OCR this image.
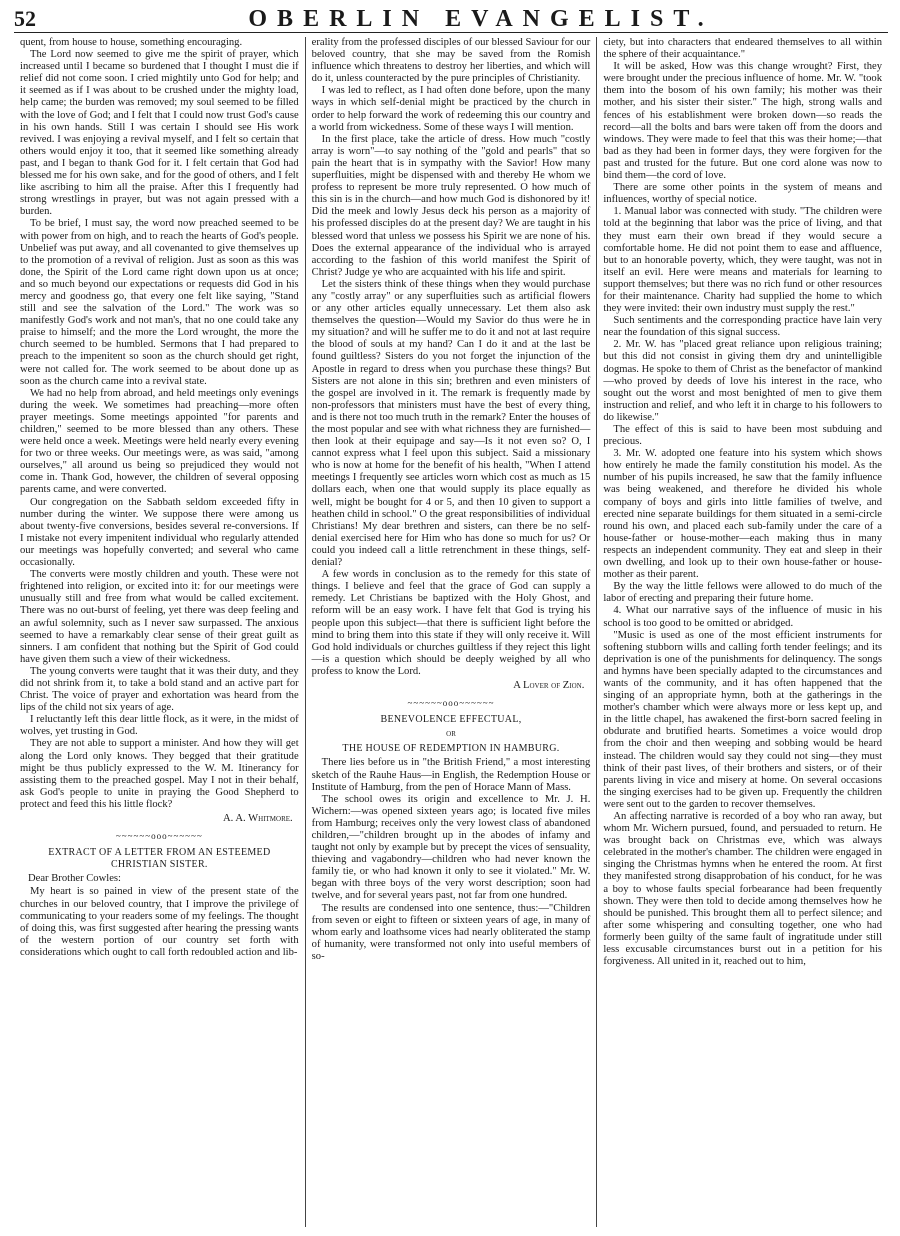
52	OBERLIN EVANGELIST.

quent, from house to house, something encouraging.

The Lord now seemed to give me the spirit of prayer, which increased until I became so burdened that I thought I must die if relief did not come soon. I cried mightily unto God for help; and it seemed as if I was about to be crushed under the mighty load, help came; the burden was removed; my soul seemed to be filled with the love of God; and I felt that I could now trust God's cause in his own hands. Still I was certain I should see His work revived. I was enjoying a revival myself, and I felt so certain that others would enjoy it too, that it seemed like something already past, and I began to thank God for it. I felt certain that God had blessed me for his own sake, and for the good of others, and I felt like ascribing to him all the praise. After this I frequently had strong wrestlings in prayer, but was not again pressed with a burden.

To be brief, I must say, the word now preached seemed to be with power from on high, and to reach the hearts of God's people. Unbelief was put away, and all covenanted to give themselves up to the promotion of a revival of religion. Just as soon as this was done, the Spirit of the Lord came right down upon us at once; and so much beyond our expectations or requests did God in his mercy and goodness go, that every one felt like saying, "Stand still and see the salvation of the Lord." The work was so manifestly God's work and not man's, that no one could take any praise to himself; and the more the Lord wrought, the more the church seemed to be humbled. Sermons that I had prepared to preach to the impenitent so soon as the church should get right, were not called for. The work seemed to be about done up as soon as the church came into a revival state.

We had no help from abroad, and held meetings only evenings during the week. We sometimes had preaching—more often prayer meetings. Some meetings appointed "for parents and children," seemed to be more blessed than any others. These were held once a week. Meetings were held nearly every evening for two or three weeks. Our meetings were, as was said, "among ourselves," all around us being so prejudiced they would not come in. Thank God, however, the children of several opposing parents came, and were converted.

Our congregation on the Sabbath seldom exceeded fifty in number during the winter. We suppose there were among us about twenty-five conversions, besides several re-conversions. If I mistake not every impenitent individual who regularly attended our meetings was hopefully converted; and several who came occasionally.

The converts were mostly children and youth. These were not frightened into religion, or excited into it: for our meetings were unusually still and free from what would be called excitement. There was no out-burst of feeling, yet there was deep feeling and an awful solemnity, such as I never saw surpassed. The anxious seemed to have a remarkably clear sense of their great guilt as sinners. I am confident that nothing but the Spirit of God could have given them such a view of their wickedness.

The young converts were taught that it was their duty, and they did not shrink from it, to take a bold stand and an active part for Christ. The voice of prayer and exhortation was heard from the lips of the child not six years of age.

I reluctantly left this dear little flock, as it were, in the midst of wolves, yet trusting in God.

They are not able to support a minister. And how they will get along the Lord only knows. They begged that their gratitude might be thus publicly expressed to the W. M. Itinerancy for assisting them to the preached gospel. May I not in their behalf, ask God's people to unite in praying the Good Shepherd to protect and feed this his little flock?

A. A. Whitmore.
~~~~~~ooo~~~~~~
EXTRACT OF A LETTER FROM AN ESTEEMED CHRISTIAN SISTER.
Dear Brother Cowles:

My heart is so pained in view of the present state of the churches in our beloved country, that I improve the privilege of communicating to your readers some of my feelings. The thought of doing this, was first suggested after hearing the pressing wants of the western portion of our country set forth with considerations which ought to call forth redoubled action and lib-

erality from the professed disciples of our blessed Saviour for our beloved country, that she may be saved from the Romish influence which threatens to destroy her liberties, and which will do it, unless counteracted by the pure principles of Christianity.

I was led to reflect, as I had often done before, upon the many ways in which self-denial might be practiced by the church in order to help forward the work of redeeming this our country and a world from wickedness. Some of these ways I will mention.

In the first place, take the article of dress. How much "costly array is worn"—to say nothing of the "gold and pearls" that so pain the heart that is in sympathy with the Savior! How many superfluities, might be dispensed with and thereby He whom we profess to represent be more truly represented. O how much of this sin is in the church—and how much God is dishonored by it! Did the meek and lowly Jesus deck his person as a majority of his professed disciples do at the present day? We are taught in his blessed word that unless we possess his Spirit we are none of his. Does the external appearance of the individual who is arrayed according to the fashion of this world manifest the Spirit of Christ? Judge ye who are acquainted with his life and spirit.

Let the sisters think of these things when they would purchase any "costly array" or any superfluities such as artificial flowers or any other articles equally unnecessary. Let them also ask themselves the question—Would my Savior do thus were he in my situation? and will he suffer me to do it and not at last require the blood of souls at my hand? Can I do it and at the last be found guiltless? Sisters do you not forget the injunction of the Apostle in regard to dress when you purchase these things? But Sisters are not alone in this sin; brethren and even ministers of the gospel are involved in it. The remark is frequently made by non-professors that ministers must have the best of every thing, and is there not too much truth in the remark? Enter the houses of the most popular and see with what richness they are furnished—then look at their equipage and say—Is it not even so? O, I cannot express what I feel upon this subject. Said a missionary who is now at home for the benefit of his health, "When I attend meetings I frequently see articles worn which cost as much as 15 dollars each, when one that would supply its place equally as well, might be bought for 4 or 5, and then 10 given to support a heathen child in school." O the great responsibilities of individual Christians! My dear brethren and sisters, can there be no self-denial exercised here for Him who has done so much for us? Or could you indeed call a little retrenchment in these things, self-denial?

A few words in conclusion as to the remedy for this state of things. I believe and feel that the grace of God can supply a remedy. Let Christians be baptized with the Holy Ghost, and reform will be an easy work. I have felt that God is trying his people upon this subject—that there is sufficient light before the mind to bring them into this state if they will only receive it. Will God hold individuals or churches guiltless if they reject this light—is a question which should be deeply weighed by all who profess to know the Lord.

A Lover of Zion.
~~~~~~ooo~~~~~~
BENEVOLENCE EFFECTUAL,
OR
THE HOUSE OF REDEMPTION IN HAMBURG.

There lies before us in "the British Friend," a most interesting sketch of the Rauhe Haus—in English, the Redemption House or Institute of Hamburg, from the pen of Horace Mann of Mass.

The school owes its origin and excellence to Mr. J. H. Wichern:—was opened sixteen years ago; is located five miles from Hamburg; receives only the very lowest class of abandoned children,—"children brought up in the abodes of infamy and taught not only by example but by precept the vices of sensuality, thieving and vagabondry—children who had never known the family tie, or who had known it only to see it violated." Mr. W. began with three boys of the very worst description; soon had twelve, and for several years past, not far from one hundred.

The results are condensed into one sentence, thus:—"Children from seven or eight to fifteen or sixteen years of age, in many of whom early and loathsome vices had nearly obliterated the stamp of humanity, were transformed not only into useful members of so-

ciety, but into characters that endeared themselves to all within the sphere of their acquaintance."

It will be asked, How was this change wrought? First, they were brought under the precious influence of home. Mr. W. "took them into the bosom of his own family; his mother was their mother, and his sister their sister." The high, strong walls and fences of his establishment were broken down—so reads the record—all the bolts and bars were taken off from the doors and windows. They were made to feel that this was their home;—that bad as they had been in former days, they were forgiven for the past and trusted for the future. But one cord alone was now to bind them—the cord of love.

There are some other points in the system of means and influences, worthy of special notice.

1. Manual labor was connected with study. "The children were told at the beginning that labor was the price of living, and that they must earn their own bread if they would secure a comfortable home. He did not point them to ease and affluence, but to an honorable poverty, which, they were taught, was not in itself an evil. Here were means and materials for learning to support themselves; but there was no rich fund or other resources for their maintenance. Charity had supplied the home to which they were invited: their own industry must supply the rest."

Such sentiments and the corresponding practice have lain very near the foundation of this signal success.

2. Mr. W. has "placed great reliance upon religious training; but this did not consist in giving them dry and unintelligible dogmas. He spoke to them of Christ as the benefactor of mankind—who proved by deeds of love his interest in the race, who sought out the worst and most benighted of men to give them instruction and relief, and who left it in charge to his followers to do likewise."

The effect of this is said to have been most subduing and precious.

3. Mr. W. adopted one feature into his system which shows how entirely he made the family constitution his model. As the number of his pupils increased, he saw that the family influence was being weakened, and therefore he divided his whole company of boys and girls into little families of twelve, and erected nine separate buildings for them situated in a semi-circle round his own, and placed each sub-family under the care of a house-father or house-mother—each making thus in many respects an independent community. They eat and sleep in their own dwelling, and look up to their own house-father or house-mother as their parent.

By the way the little fellows were allowed to do much of the labor of erecting and preparing their future home.

4. What our narrative says of the influence of music in his school is too good to be omitted or abridged.

"Music is used as one of the most efficient instruments for softening stubborn wills and calling forth tender feelings; and its deprivation is one of the punishments for delinquency. The songs and hymns have been specially adapted to the circumstances and wants of the community, and it has often happened that the singing of an appropriate hymn, both at the gatherings in the mother's chamber which were always more or less kept up, and in the little chapel, has awakened the first-born sacred feeling in obdurate and brutified hearts. Sometimes a voice would drop from the choir and then weeping and sobbing would be heard instead. The children would say they could not sing—they must think of their past lives, of their brothers and sisters, or of their parents living in vice and misery at home. On several occasions the singing exercises had to be given up. Frequently the children were sent out to the garden to recover themselves.

An affecting narrative is recorded of a boy who ran away, but whom Mr. Wichern pursued, found, and persuaded to return. He was brought back on Christmas eve, which was always celebrated in the mother's chamber. The children were engaged in singing the Christmas hymns when he entered the room. At first they manifested strong disapprobation of his conduct, for he was a boy to whose faults special forbearance had been frequently shown. They were then told to decide among themselves how he should be punished. This brought them all to perfect silence; and after some whispering and consulting together, one who had formerly been guilty of the same fault of ingratitude under still less excusable circumstances burst out in a petition for his forgiveness. All united in it, reached out to him,
